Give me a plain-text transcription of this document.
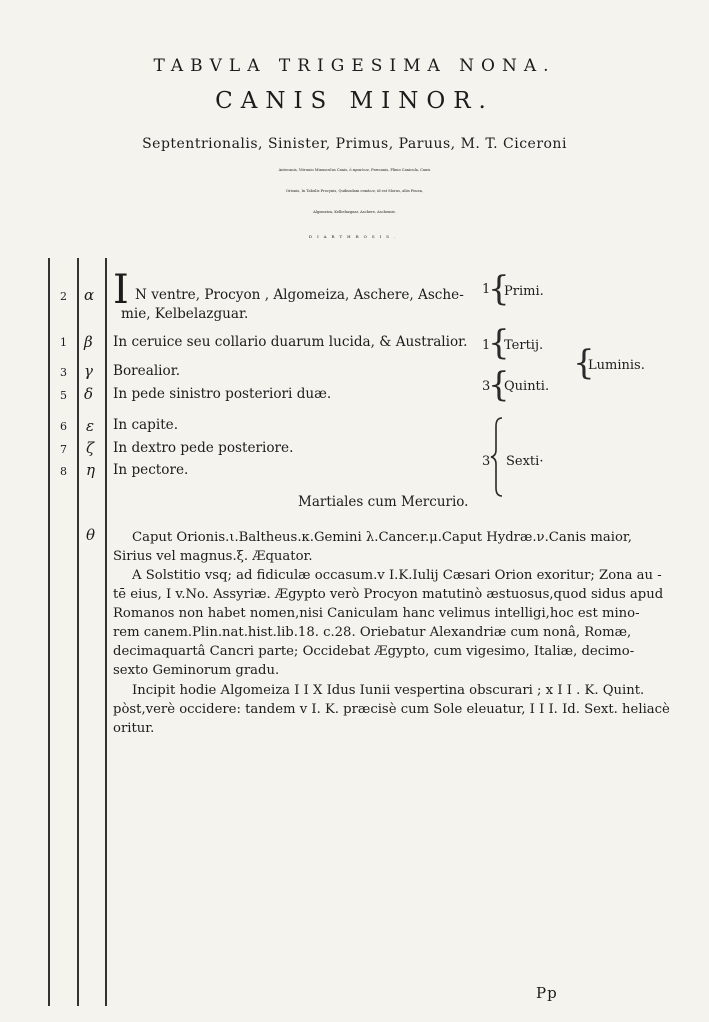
TABVLA TRIGESIMA NONA.
CANIS MINOR.
Septentrionalis, Sinister, Primus, Paruus, M. T. Ciceroni
Antecanis, Vitruuio Minusculus Canis, ὁ προκύων, Præcanis, Plinio Canicula, Canis
Orionis, In Tabulis Procynis, Quibusdam συκάων, id est Morus, aliis Fouea,
Algomeiza, Kelbelazguar, Aschere, Aschemie.
DIARTHROSIS.
2 α I N ventre, Procyon , Algomeiza, Aschere, Asche-
mie, Kelbelazguar.
1 β In ceruice seu collario duarum lucida, & Australior.
3 γ Borealior.
5 δ In pede sinistro posteriori duæ.
6 ε In capite.
7 ζ In dextro pede posteriore.
8 η In pectore.
1
{
Primi.
1
{
Tertij. {
Luminis.
3
{
Quinti.
3 Sexti·
Martiales cum Mercurio.
θ	Caput Orionis.ι.Baltheus.κ.Gemini λ.Cancer.μ.Caput Hydræ.ν.Canis maior,
Sirius vel magnus.ξ. Æquator.
A Solstitio vsq; ad fidiculæ occasum.v I.K.Iulij Cæsari Orion exoritur; Zona au -
tē eius, I v.No. Assyriæ. Ægypto verò Procyon matutinò æstuosus,quod sidus apud
Romanos non habet nomen,nisi Caniculam hanc velimus intelligi,hoc est mino-
rem canem.Plin.nat.hist.lib.18. c.28. Oriebatur Alexandriæ cum nonâ, Romæ,
decimaquartâ Cancri parte; Occidebat Ægypto, cum vigesimo, Italiæ, decimo-
sexto Geminorum gradu.
Incipit hodie Algomeiza I I X Idus Iunii vespertina obscurari ; x I I . K. Quint.
pòst,verè occidere: tandem v I. K. præcisè cum Sole eleuatur, I I I. Id. Sext. heliacè
oritur.
Pp
